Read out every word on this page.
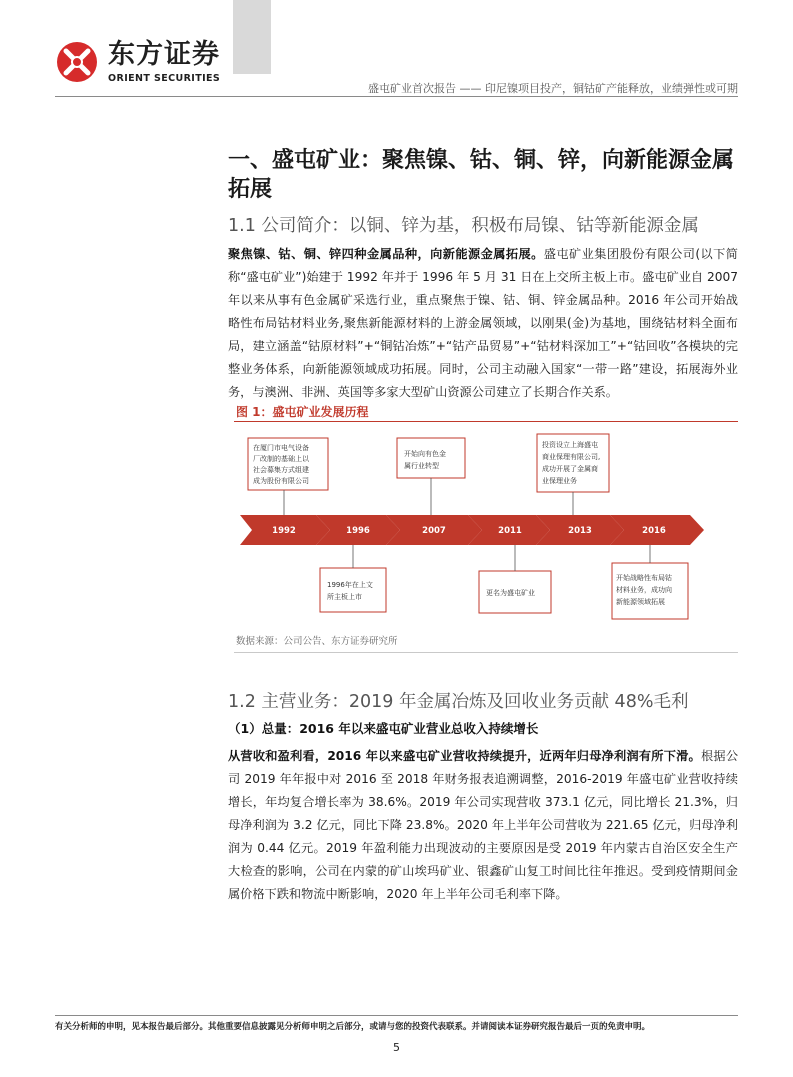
东方证券
ORIENT SECURITIES
盛屯矿业首次报告 —— 印尼镍项目投产，铜钴矿产能释放，业绩弹性或可期
一、盛屯矿业：聚焦镍、钴、铜、锌，向新能源金属拓展
1.1 公司简介：以铜、锌为基，积极布局镍、钴等新能源金属
聚焦镍、钴、铜、锌四种金属品种，向新能源金属拓展。盛屯矿业集团股份有限公司(以下简称“盛屯矿业”)始建于 1992 年并于 1996 年 5 月 31 日在上交所主板上市。盛屯矿业自 2007 年以来从事有色金属矿采选行业，重点聚焦于镍、钴、铜、锌金属品种。2016 年公司开始战略性布局钴材料业务,聚焦新能源材料的上游金属领域，以刚果(金)为基地，围绕钴材料全面布局，建立涵盖“钴原材料”+“铜钴冶炼”+“钴产品贸易”+“钴材料深加工”+“钴回收”各模块的完整业务体系，向新能源领域成功拓展。同时，公司主动融入国家“一带一路”建设，拓展海外业务，与澳洲、非洲、英国等多家大型矿山资源公司建立了长期合作关系。
图 1：盛屯矿业发展历程
1992	1996	2007	2011	2013	2016
在厦门市电气设备
厂改制的基础上以
社会募集方式组建
成为股份有限公司
开始向有色金
属行业转型
投资设立上海盛屯
商业保理有限公司,
成功开展了金属商
业保理业务
1996年在上文
所主板上市	更名为盛屯矿业
开始战略性布局钴
材料业务，成功向
新能源领域拓展
数据来源：公司公告、东方证券研究所
1.2 主营业务：2019 年金属冶炼及回收业务贡献 48%毛利
（1）总量：2016 年以来盛屯矿业营业总收入持续增长
从营收和盈利看，2016 年以来盛屯矿业营收持续提升，近两年归母净利润有所下滑。根据公司 2019 年年报中对 2016 至 2018 年财务报表追溯调整，2016-2019 年盛屯矿业营收持续增长，年均复合增长率为 38.6%。2019 年公司实现营收 373.1 亿元，同比增长 21.3%，归母净利润为 3.2 亿元，同比下降 23.8%。2020 年上半年公司营收为 221.65 亿元，归母净利润为 0.44 亿元。2019 年盈利能力出现波动的主要原因是受 2019 年内蒙古自治区安全生产大检查的影响，公司在内蒙的矿山埃玛矿业、银鑫矿山复工时间比往年推迟。受到疫情期间金属价格下跌和物流中断影响，2020 年上半年公司毛利率下降。
有关分析师的申明，见本报告最后部分。其他重要信息披露见分析师申明之后部分，或请与您的投资代表联系。并请阅读本证券研究报告最后一页的免责申明。
5
